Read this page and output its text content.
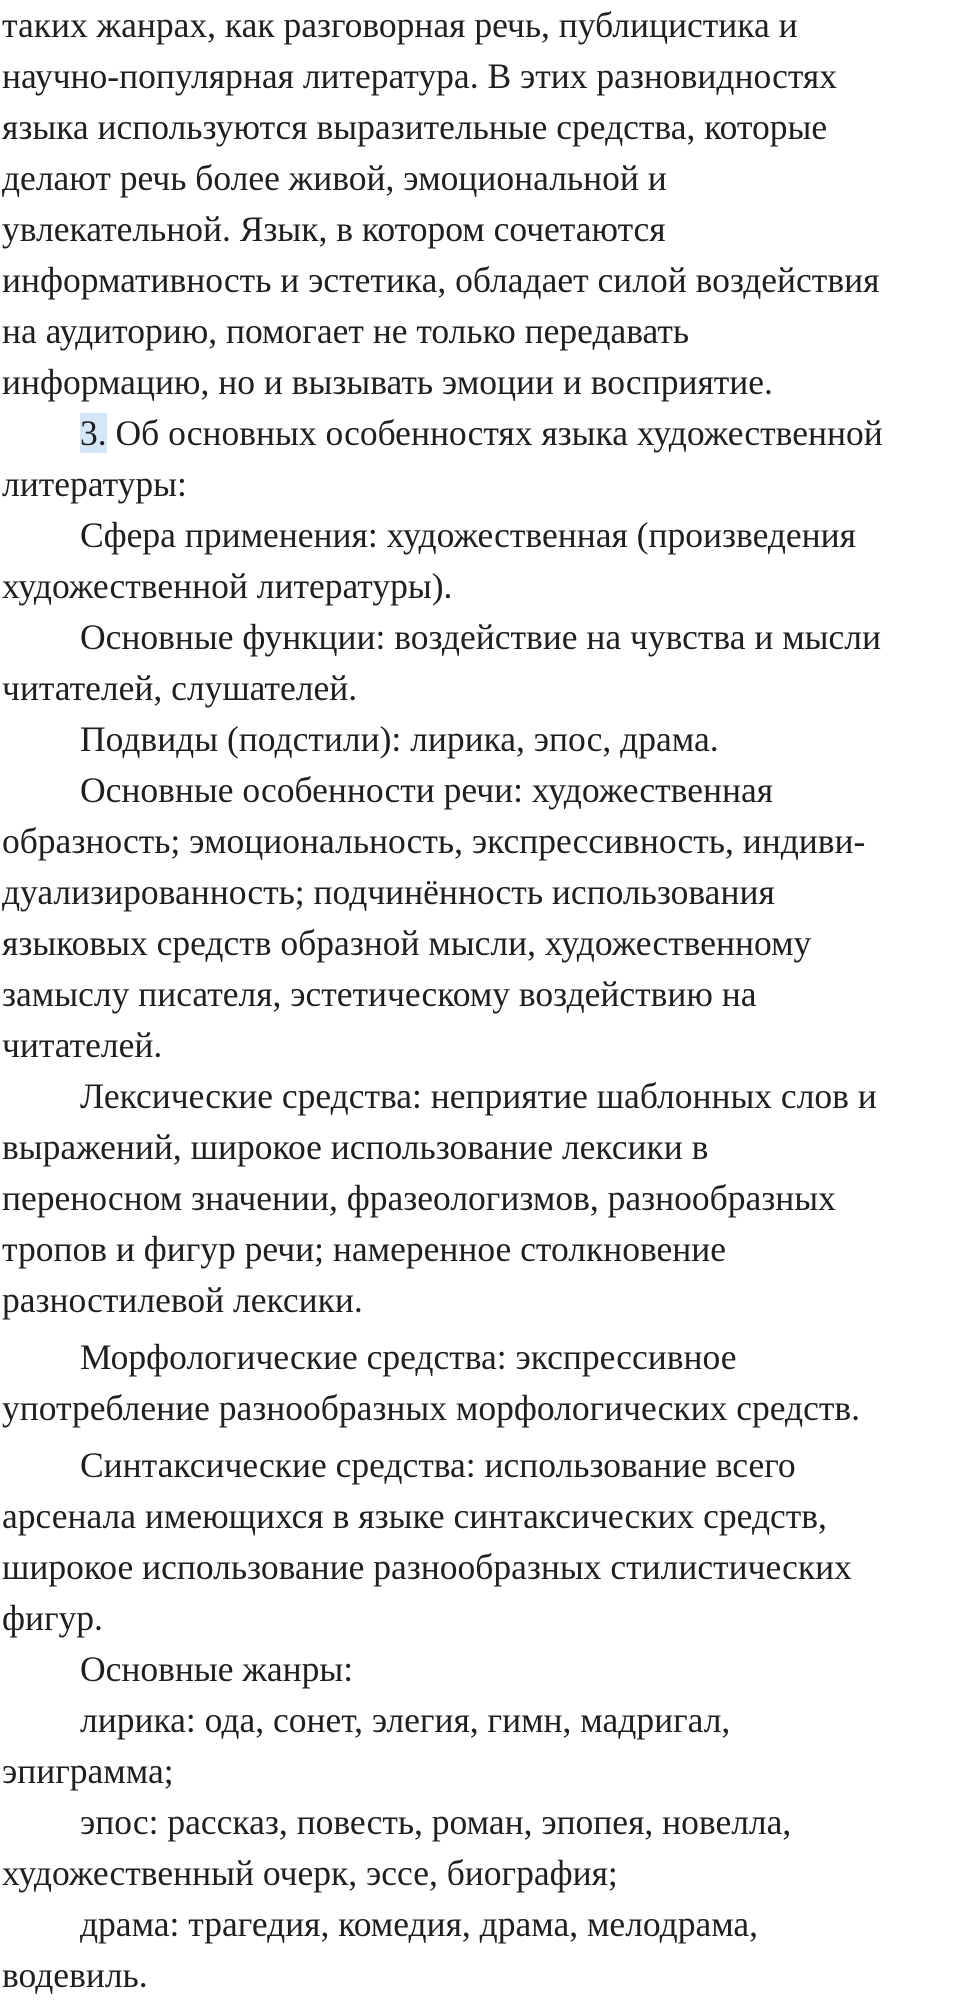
таких жанрах, как разговорная речь, публицистика и
научно-популярная литература. В этих разновидностях
языка используются выразительные средства, которые
делают речь более живой, эмоциональной и
увлекательной. Язык, в котором сочетаются
информативность и эстетика, обладает силой воздействия
на аудиторию, помогает не только передавать
информацию, но и вызывать эмоции и восприятие.
3. Об основных особенностях языка художественной
литературы:
Сфера применения: художественная (произведения
художественной литературы).
Основные функции: воздействие на чувства и мысли
читателей, слушателей.
Подвиды (подстили): лирика, эпос, драма.
Основные особенности речи: художественная
образность; эмоциональность, экспрессивность, индиви-
дуализированность; подчинённость использования
языковых средств образной мысли, художественному
замыслу писателя, эстетическому воздействию на
читателей.
Лексические средства: неприятие шаблонных слов и
выражений, широкое использование лексики в
переносном значении, фразеологизмов, разнообразных
тропов и фигур речи; намеренное столкновение
разностилевой лексики.
Морфологические средства: экспрессивное
употребление разнообразных морфологических средств.
Синтаксические средства: использование всего
арсенала имеющихся в языке синтаксических средств,
широкое использование разнообразных стилистических
фигур.
Основные жанры:
лирика: ода, сонет, элегия, гимн, мадригал,
эпиграмма;
эпос: рассказ, повесть, роман, эпопея, новелла,
художественный очерк, эссе, биография;
драма: трагедия, комедия, драма, мелодрама,
водевиль.
